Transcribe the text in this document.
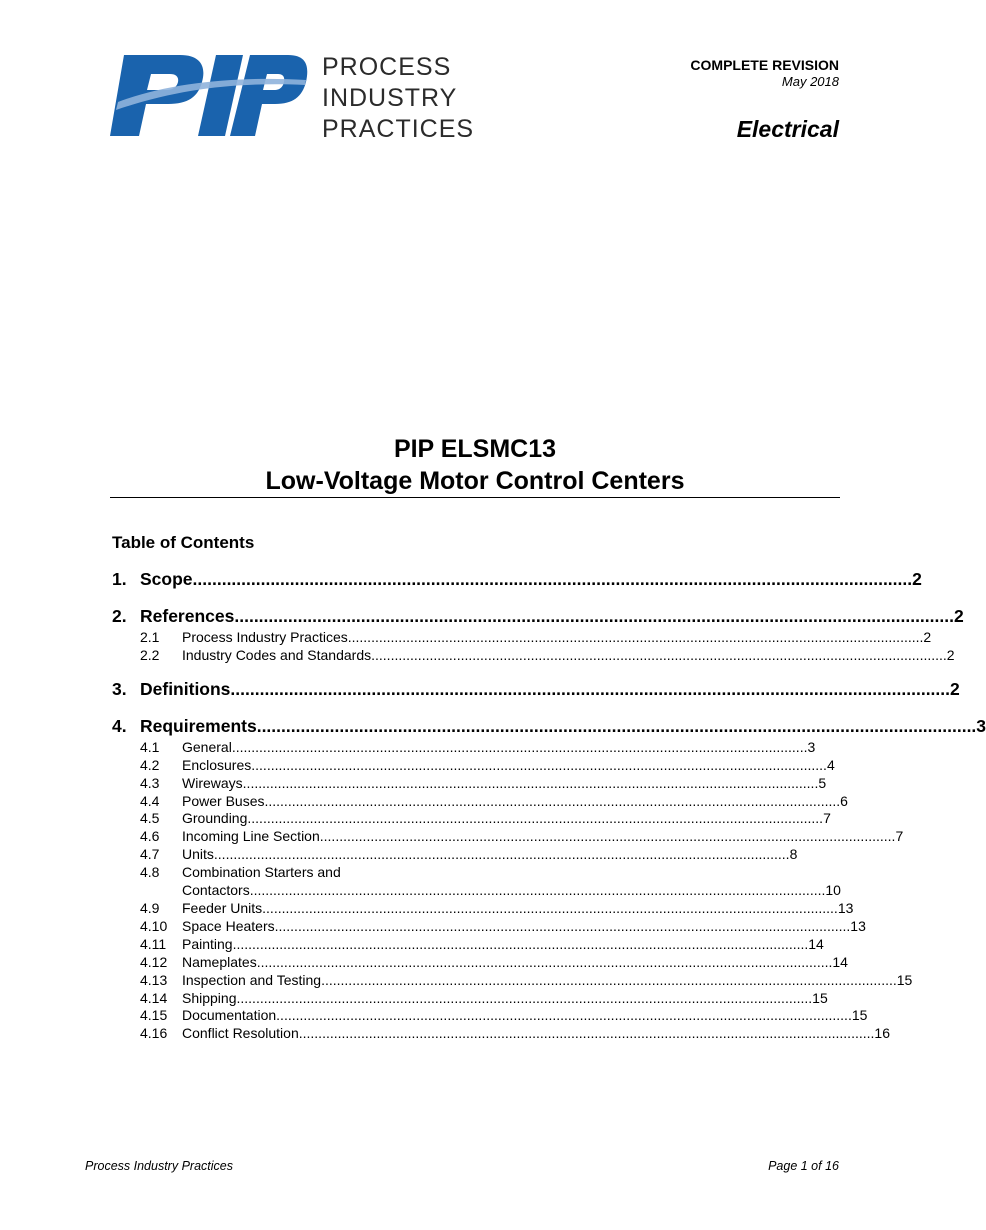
PROCESS
INDUSTRY
PRACTICES
COMPLETE REVISION
May 2018
Electrical
PIP ELSMC13
Low-Voltage Motor Control Centers
Table of Contents
1. Scope .....	2
2. References .....	2
2.1	Process Industry Practices .....	2
2.2	Industry Codes and Standards .....	2
3. Definitions .....	2
4. Requirements .....	3
4.1	General .....	3
4.2	Enclosures .....	4
4.3	Wireways .....	5
4.4	Power Buses .....	6
4.5	Grounding .....	7
4.6	Incoming Line Section .....	7
4.7	Units .....	8
4.8	Combination Starters and
Contactors .....	10
4.9	Feeder Units .....	13
4.10	Space Heaters .....	13
4.11	Painting .....	14
4.12	Nameplates .....	14
4.13	Inspection and Testing .....	15
4.14	Shipping .....	15
4.15	Documentation .....	15
4.16	Conflict Resolution .....	16
Process Industry Practices	Page 1 of 16
